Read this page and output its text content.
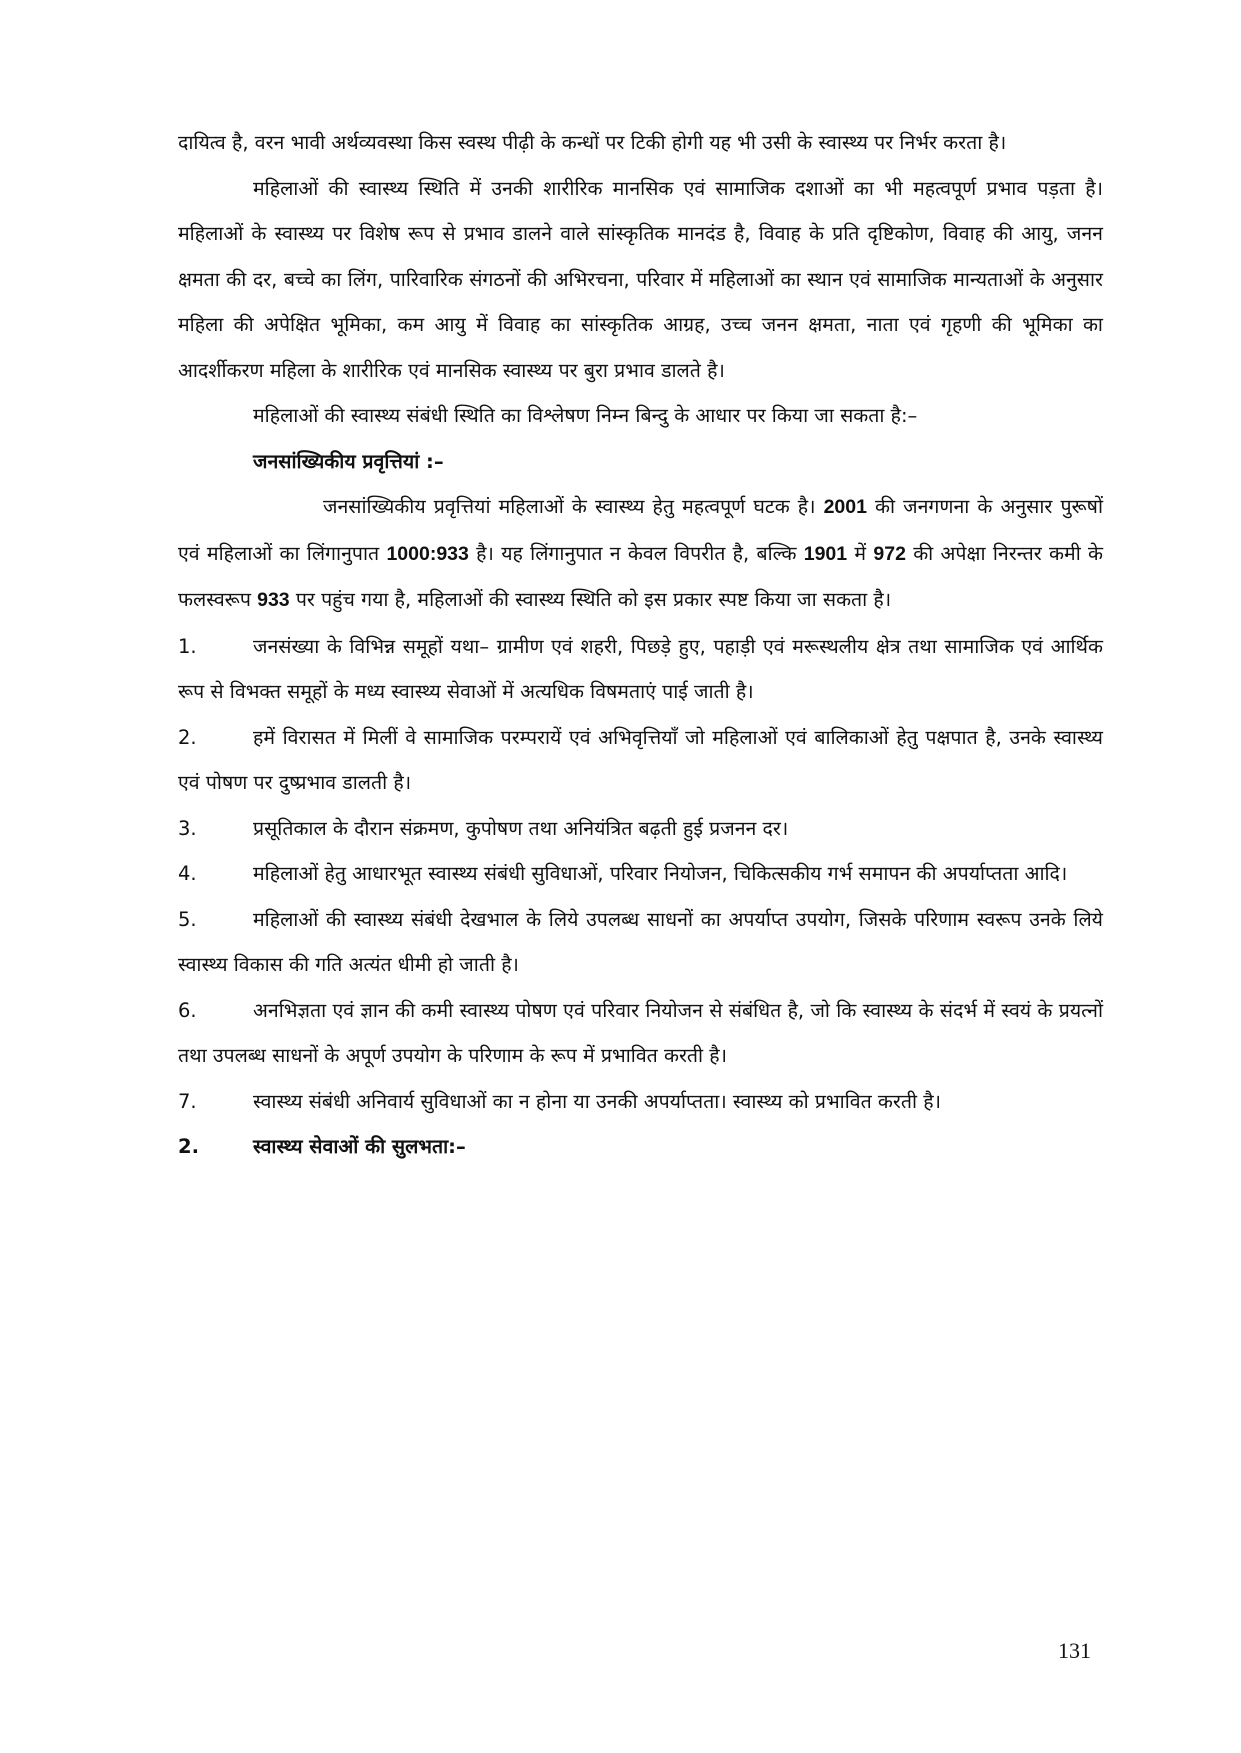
दायित्व है, वरन भावी अर्थव्यवस्था किस स्वस्थ पीढ़ी के कन्धों पर टिकी होगी यह भी उसी के स्वास्थ्य पर निर्भर करता है।

महिलाओं की स्वास्थ्य स्थिति में उनकी शारीरिक मानसिक एवं सामाजिक दशाओं का भी महत्वपूर्ण प्रभाव पड़ता है। महिलाओं के स्वास्थ्य पर विशेष रूप से प्रभाव डालने वाले सांस्कृतिक मानदंड है, विवाह के प्रति दृष्टिकोण, विवाह की आयु, जनन क्षमता की दर, बच्चे का लिंग, पारिवारिक संगठनों की अभिरचना, परिवार में महिलाओं का स्थान एवं सामाजिक मान्यताओं के अनुसार महिला की अपेक्षित भूमिका, कम आयु में विवाह का सांस्कृतिक आग्रह, उच्च जनन क्षमता, नाता एवं गृहणी की भूमिका का आदर्शीकरण महिला के शारीरिक एवं मानसिक स्वास्थ्य पर बुरा प्रभाव डालते है।

महिलाओं की स्वास्थ्य संबंधी स्थिति का विश्लेषण निम्न बिन्दु के आधार पर किया जा सकता है:–

जनसांख्यिकीय प्रवृत्तियां :–

जनसांख्यिकीय प्रवृत्तियां महिलाओं के स्वास्थ्य हेतु महत्वपूर्ण घटक है। 2001 की जनगणना के अनुसार पुरूषों एवं महिलाओं का लिंगानुपात 1000:933 है। यह लिंगानुपात न केवल विपरीत है, बल्कि 1901 में 972 की अपेक्षा निरन्तर कमी के फलस्वरूप 933 पर पहुंच गया है, महिलाओं की स्वास्थ्य स्थिति को इस प्रकार स्पष्ट किया जा सकता है।

1.	जनसंख्या के विभिन्न समूहों यथा– ग्रामीण एवं शहरी, पिछड़े हुए, पहाड़ी एवं मरूस्थलीय क्षेत्र तथा सामाजिक एवं आर्थिक रूप से विभक्त समूहों के मध्य स्वास्थ्य सेवाओं में अत्यधिक विषमताएं पाई जाती है।

2.	हमें विरासत में मिलीं वे सामाजिक परम्परायें एवं अभिवृत्तियाँ जो महिलाओं एवं बालिकाओं हेतु पक्षपात है, उनके स्वास्थ्य एवं पोषण पर दुष्प्रभाव डालती है।

3.	प्रसूतिकाल के दौरान संक्रमण, कुपोषण तथा अनियंत्रित बढ़ती हुई प्रजनन दर।

4.	महिलाओं हेतु आधारभूत स्वास्थ्य संबंधी सुविधाओं, परिवार नियोजन, चिकित्सकीय गर्भ समापन की अपर्याप्तता आदि।

5.	महिलाओं की स्वास्थ्य संबंधी देखभाल के लिये उपलब्ध साधनों का अपर्याप्त उपयोग, जिसके परिणाम स्वरूप उनके लिये स्वास्थ्य विकास की गति अत्यंत धीमी हो जाती है।

6.	अनभिज्ञता एवं ज्ञान की कमी स्वास्थ्य पोषण एवं परिवार नियोजन से संबंधित है, जो कि स्वास्थ्य के संदर्भ में स्वयं के प्रयत्नों तथा उपलब्ध साधनों के अपूर्ण उपयोग के परिणाम के रूप में प्रभावित करती है।

7.	स्वास्थ्य संबंधी अनिवार्य सुविधाओं का न होना या उनकी अपर्याप्तता। स्वास्थ्य को प्रभावित करती है।

2.	स्वास्थ्य सेवाओं की सुलभता:–

131
